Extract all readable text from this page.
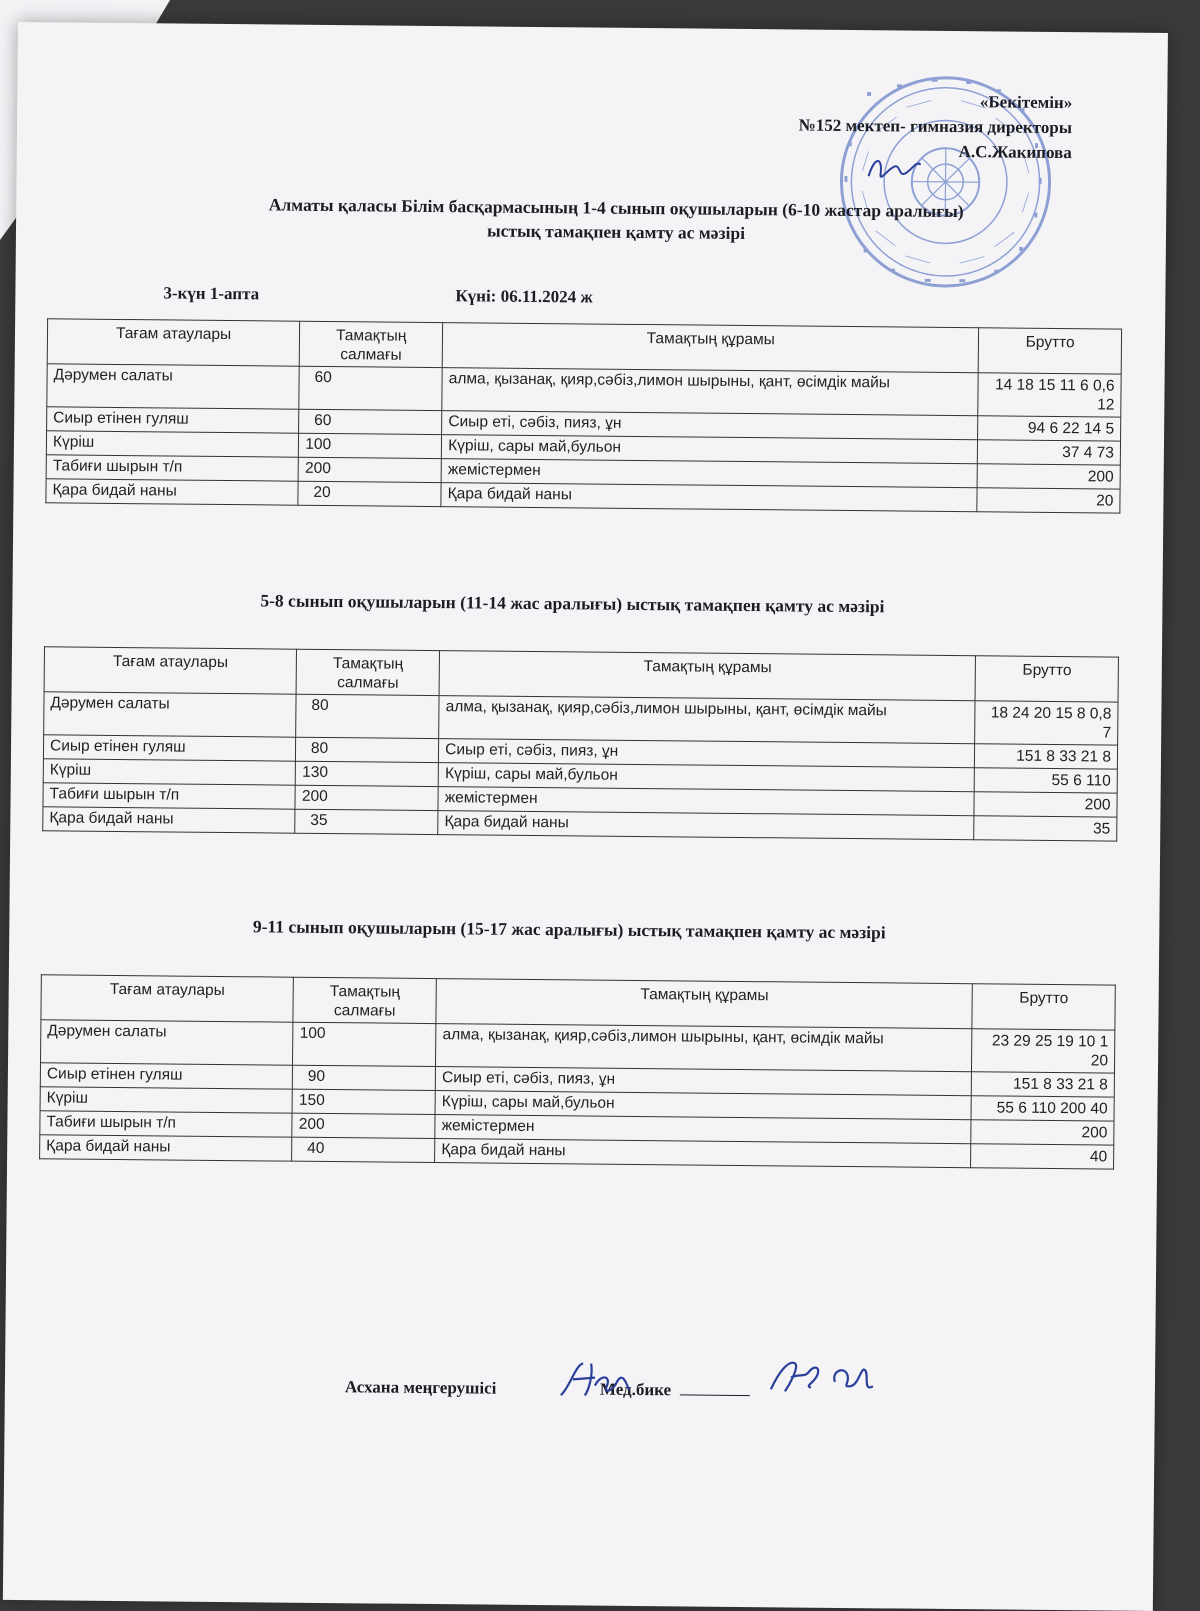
«Бекітемін»
№152 мектеп- гимназия директоры
А.С.Жакипова
Алматы қаласы Білім басқармасының 1-4 сынып оқушыларын (6-10 жастар аралығы)
ыстық тамақпен қамту ас мәзірі
3-күн 1-апта	Күні: 06.11.2024 ж
Тағам атаулары	Тамақтың салмағы	Тамақтың құрамы	Брутто
Дәрумен салаты	60	алма, қызанақ, қияр,сәбіз,лимон шырыны, қант, өсімдік майы	14 18 15 11 6 0,6 12
Сиыр етінен гуляш	60	Сиыр еті, сәбіз, пияз, ұн	94 6 22 14 5
Күріш	100	Күріш, сары май,бульон	37 4 73
Табиғи шырын т/п	200	жемістермен	200
Қара бидай наны	20	Қара бидай наны	20
5-8 сынып оқушыларын (11-14 жас аралығы) ыстық тамақпен қамту ас мәзірі
Тағам атаулары	Тамақтың салмағы	Тамақтың құрамы	Брутто
Дәрумен салаты	80	алма, қызанақ, қияр,сәбіз,лимон шырыны, қант, өсімдік майы	18 24 20 15 8 0,8 7
Сиыр етінен гуляш	80	Сиыр еті, сәбіз, пияз, ұн	151 8 33 21 8
Күріш	130	Күріш, сары май,бульон	55 6 110
Табиғи шырын т/п	200	жемістермен	200
Қара бидай наны	35	Қара бидай наны	35
9-11 сынып оқушыларын (15-17 жас аралығы) ыстық тамақпен қамту ас мәзірі
Тағам атаулары	Тамақтың салмағы	Тамақтың құрамы	Брутто
Дәрумен салаты	100	алма, қызанақ, қияр,сәбіз,лимон шырыны, қант, өсімдік майы	23 29 25 19 10 1 20
Сиыр етінен гуляш	90	Сиыр еті, сәбіз, пияз, ұн	151 8 33 21 8
Күріш	150	Күріш, сары май,бульон	55 6 110 200 40
Табиғи шырын т/п	200	жемістермен	200
Қара бидай наны	40	Қара бидай наны	40
Асхана меңгерушісі	Мед.бике
